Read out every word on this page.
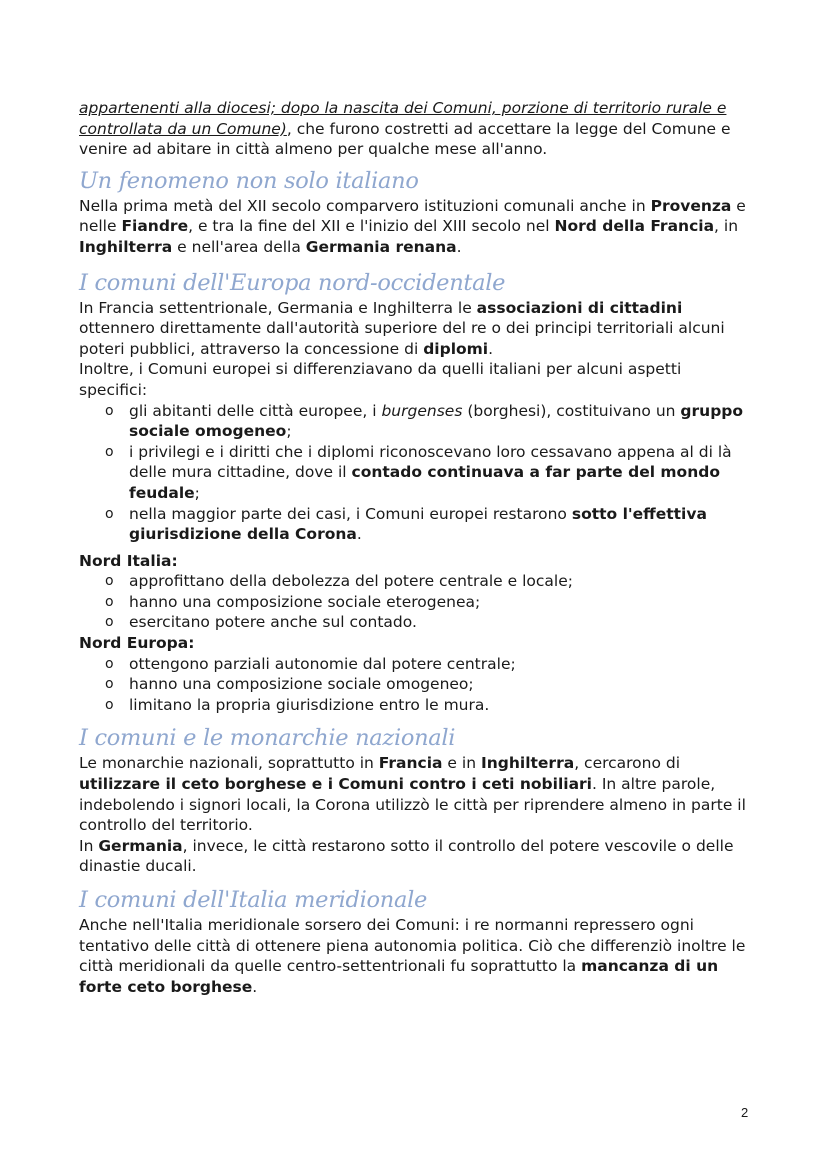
appartenenti alla diocesi; dopo la nascita dei Comuni, porzione di territorio rurale e controllata da un Comune), che furono costretti ad accettare la legge del Comune e venire ad abitare in città almeno per qualche mese all'anno.

Un fenomeno non solo italiano

Nella prima metà del XII secolo comparvero istituzioni comunali anche in Provenza e nelle Fiandre, e tra la fine del XII e l'inizio del XIII secolo nel Nord della Francia, in Inghilterra e nell'area della Germania renana.

I comuni dell'Europa nord-occidentale

In Francia settentrionale, Germania e Inghilterra le associazioni di cittadini ottennero direttamente dall'autorità superiore del re o dei principi territoriali alcuni poteri pubblici, attraverso la concessione di diplomi.

Inoltre, i Comuni europei si differenziavano da quelli italiani per alcuni aspetti specifici:

o gli abitanti delle città europee, i burgenses (borghesi), costituivano un gruppo sociale omogeneo;
o i privilegi e i diritti che i diplomi riconoscevano loro cessavano appena al di là delle mura cittadine, dove il contado continuava a far parte del mondo feudale;
o nella maggior parte dei casi, i Comuni europei restarono sotto l'effettiva giurisdizione della Corona.

Nord Italia:

o approfittano della debolezza del potere centrale e locale;
o hanno una composizione sociale eterogenea;
o esercitano potere anche sul contado.

Nord Europa:

o ottengono parziali autonomie dal potere centrale;
o hanno una composizione sociale omogeneo;
o limitano la propria giurisdizione entro le mura.
I comuni e le monarchie nazionali

Le monarchie nazionali, soprattutto in Francia e in Inghilterra, cercarono di utilizzare il ceto borghese e i Comuni contro i ceti nobiliari. In altre parole, indebolendo i signori locali, la Corona utilizzò le città per riprendere almeno in parte il controllo del territorio.

In Germania, invece, le città restarono sotto il controllo del potere vescovile o delle dinastie ducali.

I comuni dell'Italia meridionale

Anche nell'Italia meridionale sorsero dei Comuni: i re normanni repressero ogni tentativo delle città di ottenere piena autonomia politica. Ciò che differenziò inoltre le città meridionali da quelle centro-settentrionali fu soprattutto la mancanza di un forte ceto borghese.

2
